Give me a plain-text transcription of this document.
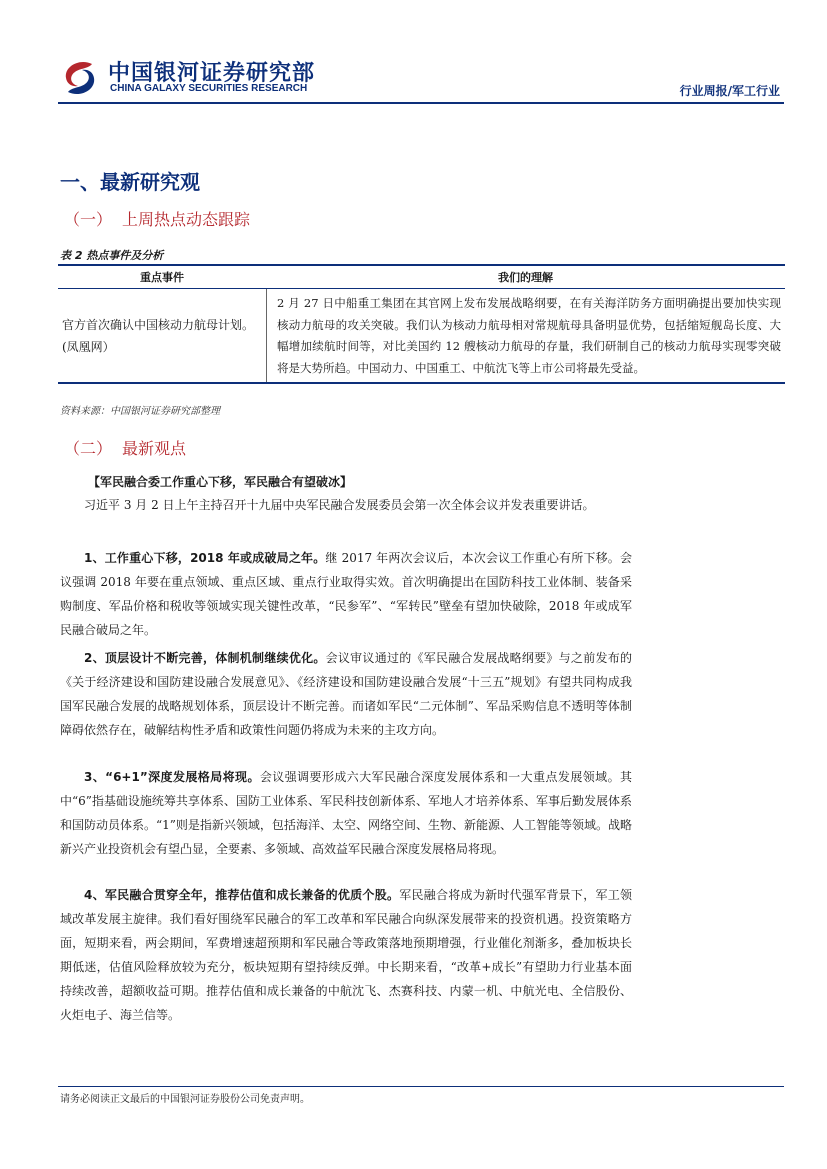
中国银河证券研究部
CHINA GALAXY SECURITIES RESEARCH	行业周报/军工行业
一、最新研究观
（一） 上周热点动态跟踪
表 2 热点事件及分析
重点事件	我们的理解
官方首次确认中国核动力航母计划。(凤凰网）
2 月 27 日中船重工集团在其官网上发布发展战略纲要，在有关海洋防务方面明确提出要加快实现核动力航母的攻关突破。我们认为核动力航母相对常规航母具备明显优势，包括缩短舰岛长度、大幅增加续航时间等，对比美国约 12 艘核动力航母的存量，我们研制自己的核动力航母实现零突破将是大势所趋。中国动力、中国重工、中航沈飞等上市公司将最先受益。
资料来源：中国银河证券研究部整理
（二） 最新观点
【军民融合委工作重心下移，军民融合有望破冰】

习近平 3 月 2 日上午主持召开十九届中央军民融合发展委员会第一次全体会议并发表重要讲话。

1、工作重心下移，2018 年或成破局之年。继 2017 年两次会议后，本次会议工作重心有所下移。会议强调 2018 年要在重点领域、重点区域、重点行业取得实效。首次明确提出在国防科技工业体制、装备采购制度、军品价格和税收等领域实现关键性改革，“民参军”、“军转民”壁垒有望加快破除，2018 年或成军民融合破局之年。

2、顶层设计不断完善，体制机制继续优化。会议审议通过的《军民融合发展战略纲要》与之前发布的《关于经济建设和国防建设融合发展意见》、《经济建设和国防建设融合发展“十三五”规划》有望共同构成我国军民融合发展的战略规划体系，顶层设计不断完善。而诸如军民“二元体制”、军品采购信息不透明等体制障碍依然存在，破解结构性矛盾和政策性问题仍将成为未来的主攻方向。

3、“6+1”深度发展格局将现。会议强调要形成六大军民融合深度发展体系和一大重点发展领域。其中“6”指基础设施统筹共享体系、国防工业体系、军民科技创新体系、军地人才培养体系、军事后勤发展体系和国防动员体系。“1”则是指新兴领域，包括海洋、太空、网络空间、生物、新能源、人工智能等领域。战略新兴产业投资机会有望凸显，全要素、多领域、高效益军民融合深度发展格局将现。

4、军民融合贯穿全年，推荐估值和成长兼备的优质个股。军民融合将成为新时代强军背景下，军工领域改革发展主旋律。我们看好围绕军民融合的军工改革和军民融合向纵深发展带来的投资机遇。投资策略方面，短期来看，两会期间，军费增速超预期和军民融合等政策落地预期增强，行业催化剂渐多，叠加板块长期低迷，估值风险释放较为充分，板块短期有望持续反弹。中长期来看，“改革+成长”有望助力行业基本面持续改善，超额收益可期。推荐估值和成长兼备的中航沈飞、杰赛科技、内蒙一机、中航光电、全信股份、火炬电子、海兰信等。

请务必阅读正文最后的中国银河证券股份公司免责声明。
